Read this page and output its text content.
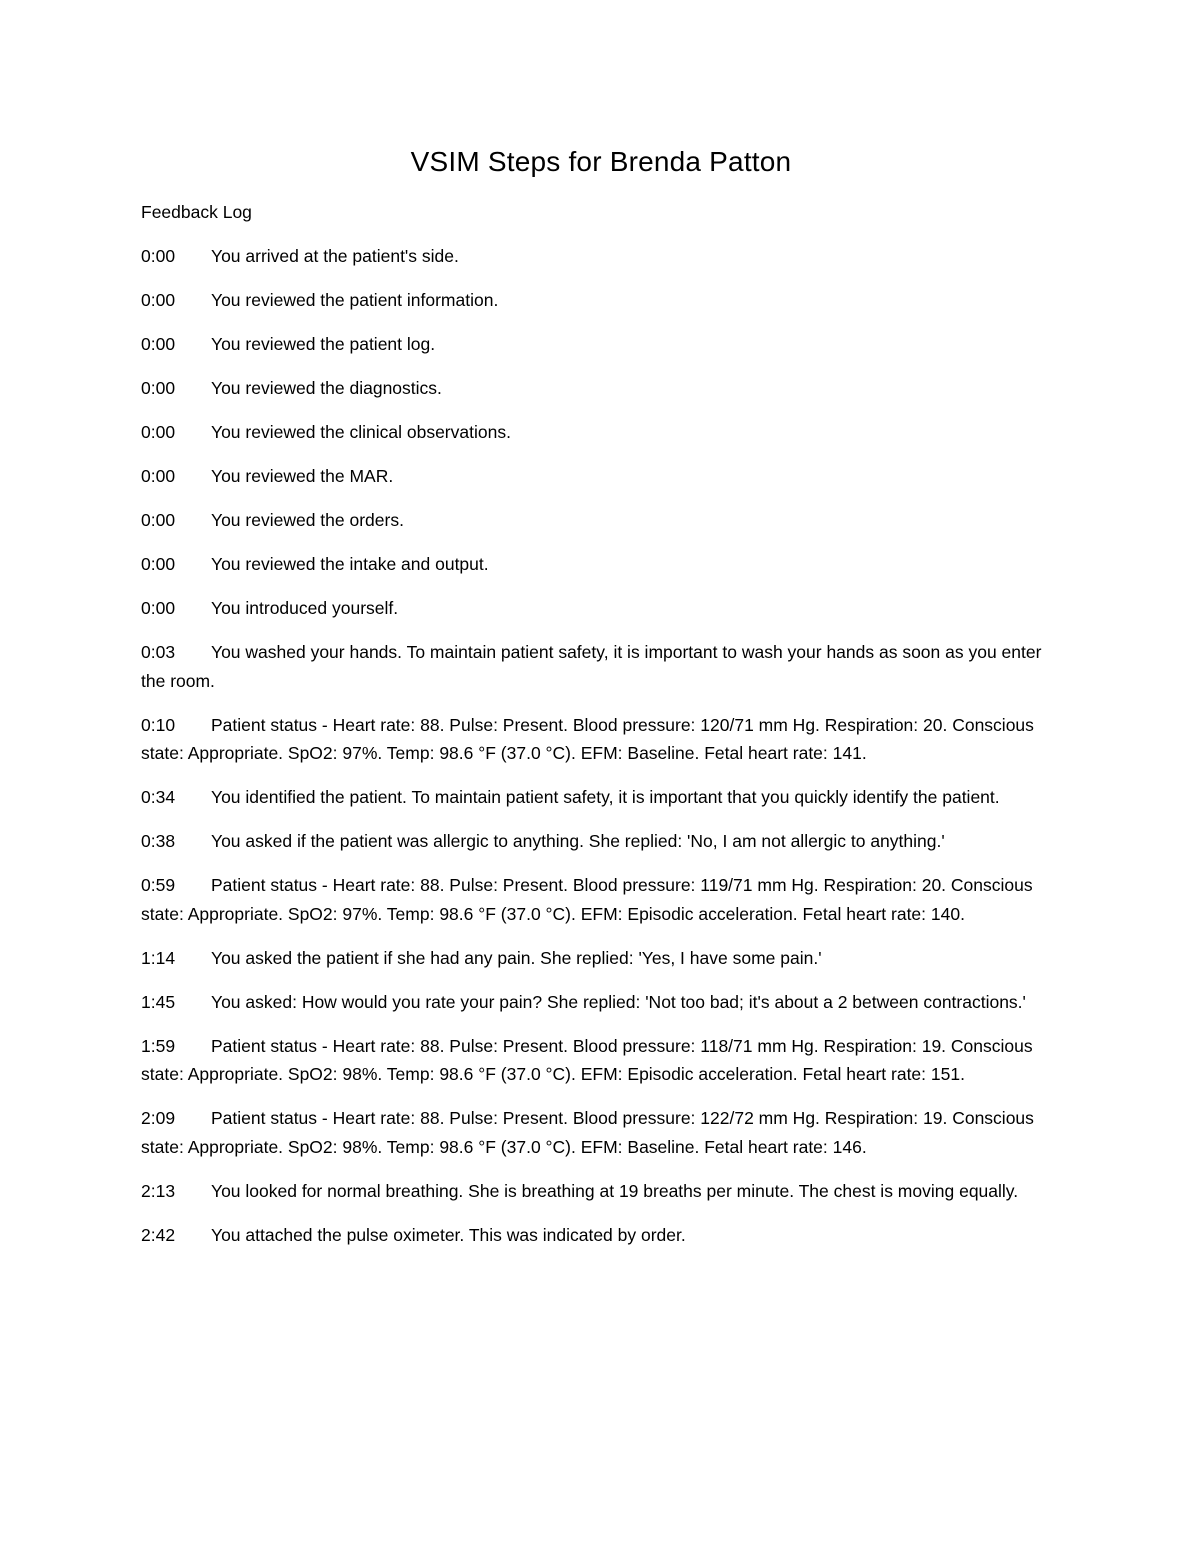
VSIM Steps for Brenda Patton

Feedback Log

0:00 You arrived at the patient's side.
0:00 You reviewed the patient information.
0:00 You reviewed the patient log.
0:00 You reviewed the diagnostics.
0:00 You reviewed the clinical observations.
0:00 You reviewed the MAR.
0:00 You reviewed the orders.
0:00 You reviewed the intake and output.
0:00 You introduced yourself.
0:03 You washed your hands. To maintain patient safety, it is important to wash your hands as soon as you enter the room.
0:10 Patient status - Heart rate: 88. Pulse: Present. Blood pressure: 120/71 mm Hg. Respiration: 20. Conscious state: Appropriate. SpO2: 97%. Temp: 98.6 °F (37.0 °C). EFM: Baseline. Fetal heart rate: 141.
0:34 You identified the patient. To maintain patient safety, it is important that you quickly identify the patient.
0:38 You asked if the patient was allergic to anything. She replied: 'No, I am not allergic to anything.'
0:59 Patient status - Heart rate: 88. Pulse: Present. Blood pressure: 119/71 mm Hg. Respiration: 20. Conscious state: Appropriate. SpO2: 97%. Temp: 98.6 °F (37.0 °C). EFM: Episodic acceleration. Fetal heart rate: 140.
1:14 You asked the patient if she had any pain. She replied: 'Yes, I have some pain.'
1:45 You asked: How would you rate your pain? She replied: 'Not too bad; it's about a 2 between contractions.'
1:59 Patient status - Heart rate: 88. Pulse: Present. Blood pressure: 118/71 mm Hg. Respiration: 19. Conscious state: Appropriate. SpO2: 98%. Temp: 98.6 °F (37.0 °C). EFM: Episodic acceleration. Fetal heart rate: 151.
2:09 Patient status - Heart rate: 88. Pulse: Present. Blood pressure: 122/72 mm Hg. Respiration: 19. Conscious state: Appropriate. SpO2: 98%. Temp: 98.6 °F (37.0 °C). EFM: Baseline. Fetal heart rate: 146.
2:13 You looked for normal breathing. She is breathing at 19 breaths per minute. The chest is moving equally.
2:42 You attached the pulse oximeter. This was indicated by order.
